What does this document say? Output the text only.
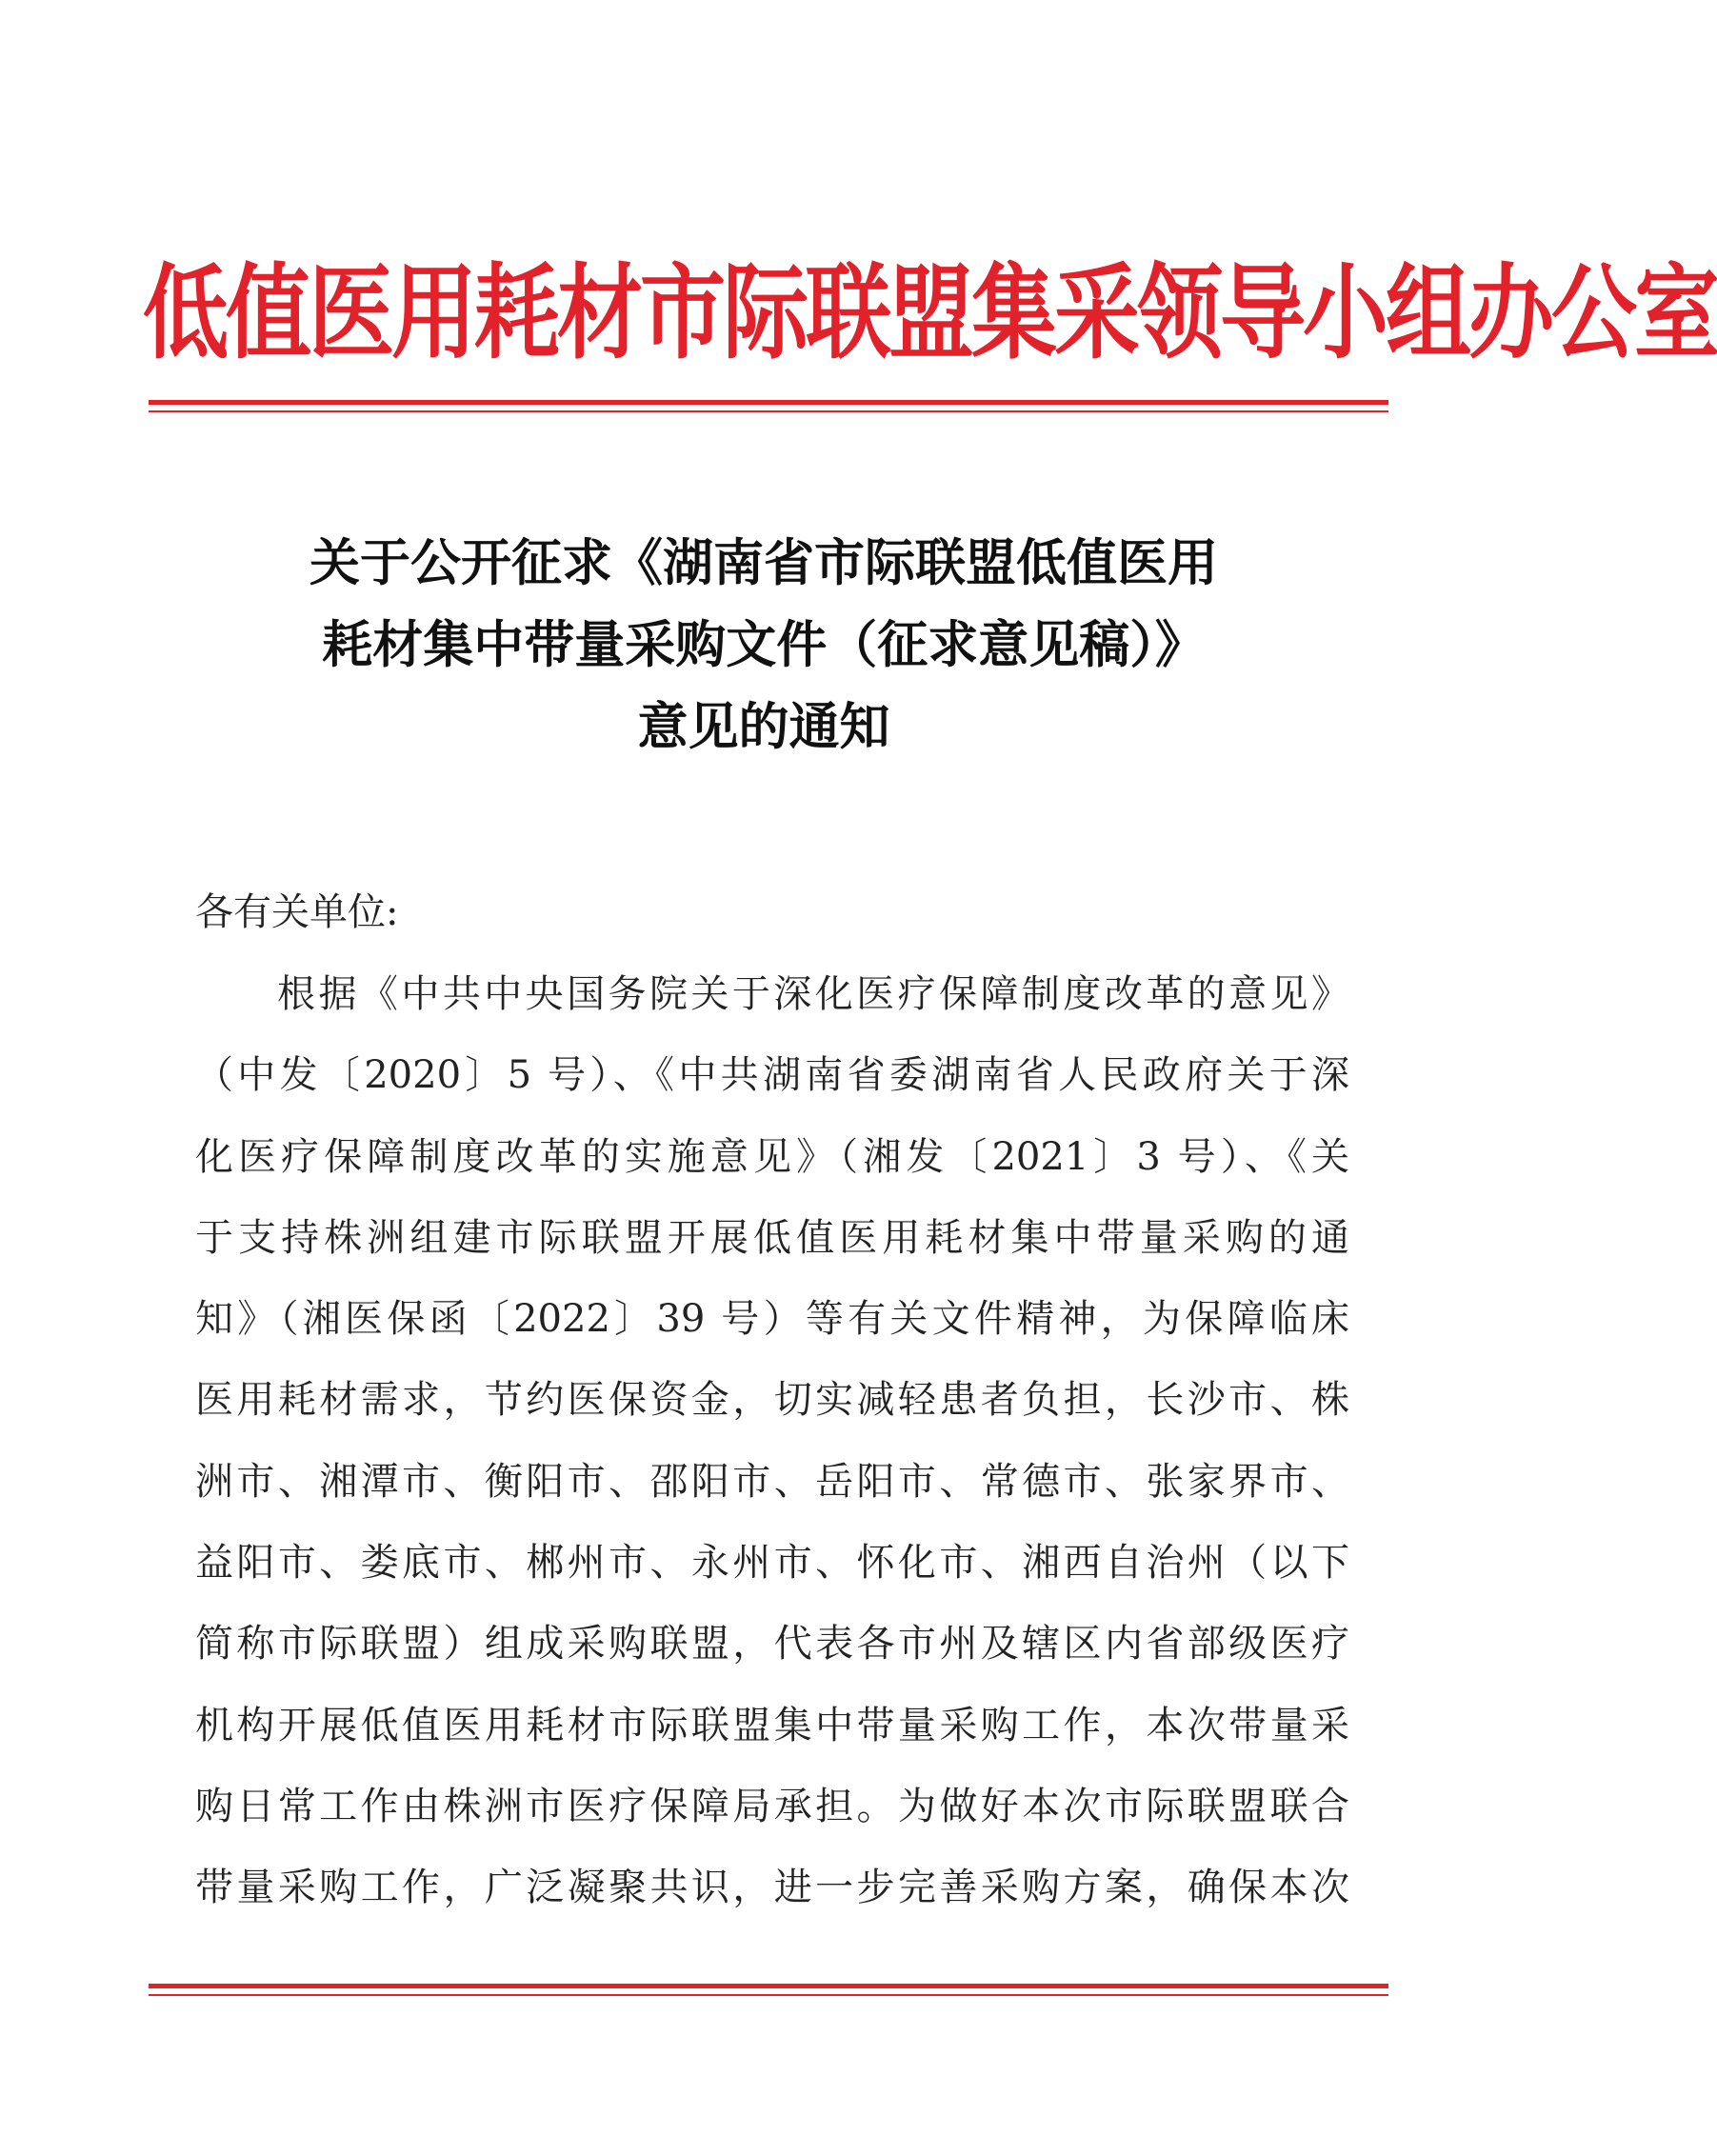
低值医用耗材市际联盟集采领导小组办公室
关于公开征求《湖南省市际联盟低值医用
耗材集中带量采购文件（征求意见稿）》
意见的通知
各有关单位:
根据《中共中央国务院关于深化医疗保障制度改革的意见》
（中发〔2020〕5 号）、《中共湖南省委湖南省人民政府关于深
化医疗保障制度改革的实施意见》（湘发〔2021〕3 号）、《关
于支持株洲组建市际联盟开展低值医用耗材集中带量采购的通
知》（湘医保函〔2022〕39 号）等有关文件精神，为保障临床
医用耗材需求，节约医保资金，切实减轻患者负担，长沙市、株
洲市、湘潭市、衡阳市、邵阳市、岳阳市、常德市、张家界市、
益阳市、娄底市、郴州市、永州市、怀化市、湘西自治州（以下
简称市际联盟）组成采购联盟，代表各市州及辖区内省部级医疗
机构开展低值医用耗材市际联盟集中带量采购工作，本次带量采
购日常工作由株洲市医疗保障局承担。为做好本次市际联盟联合
带量采购工作，广泛凝聚共识，进一步完善采购方案，确保本次
